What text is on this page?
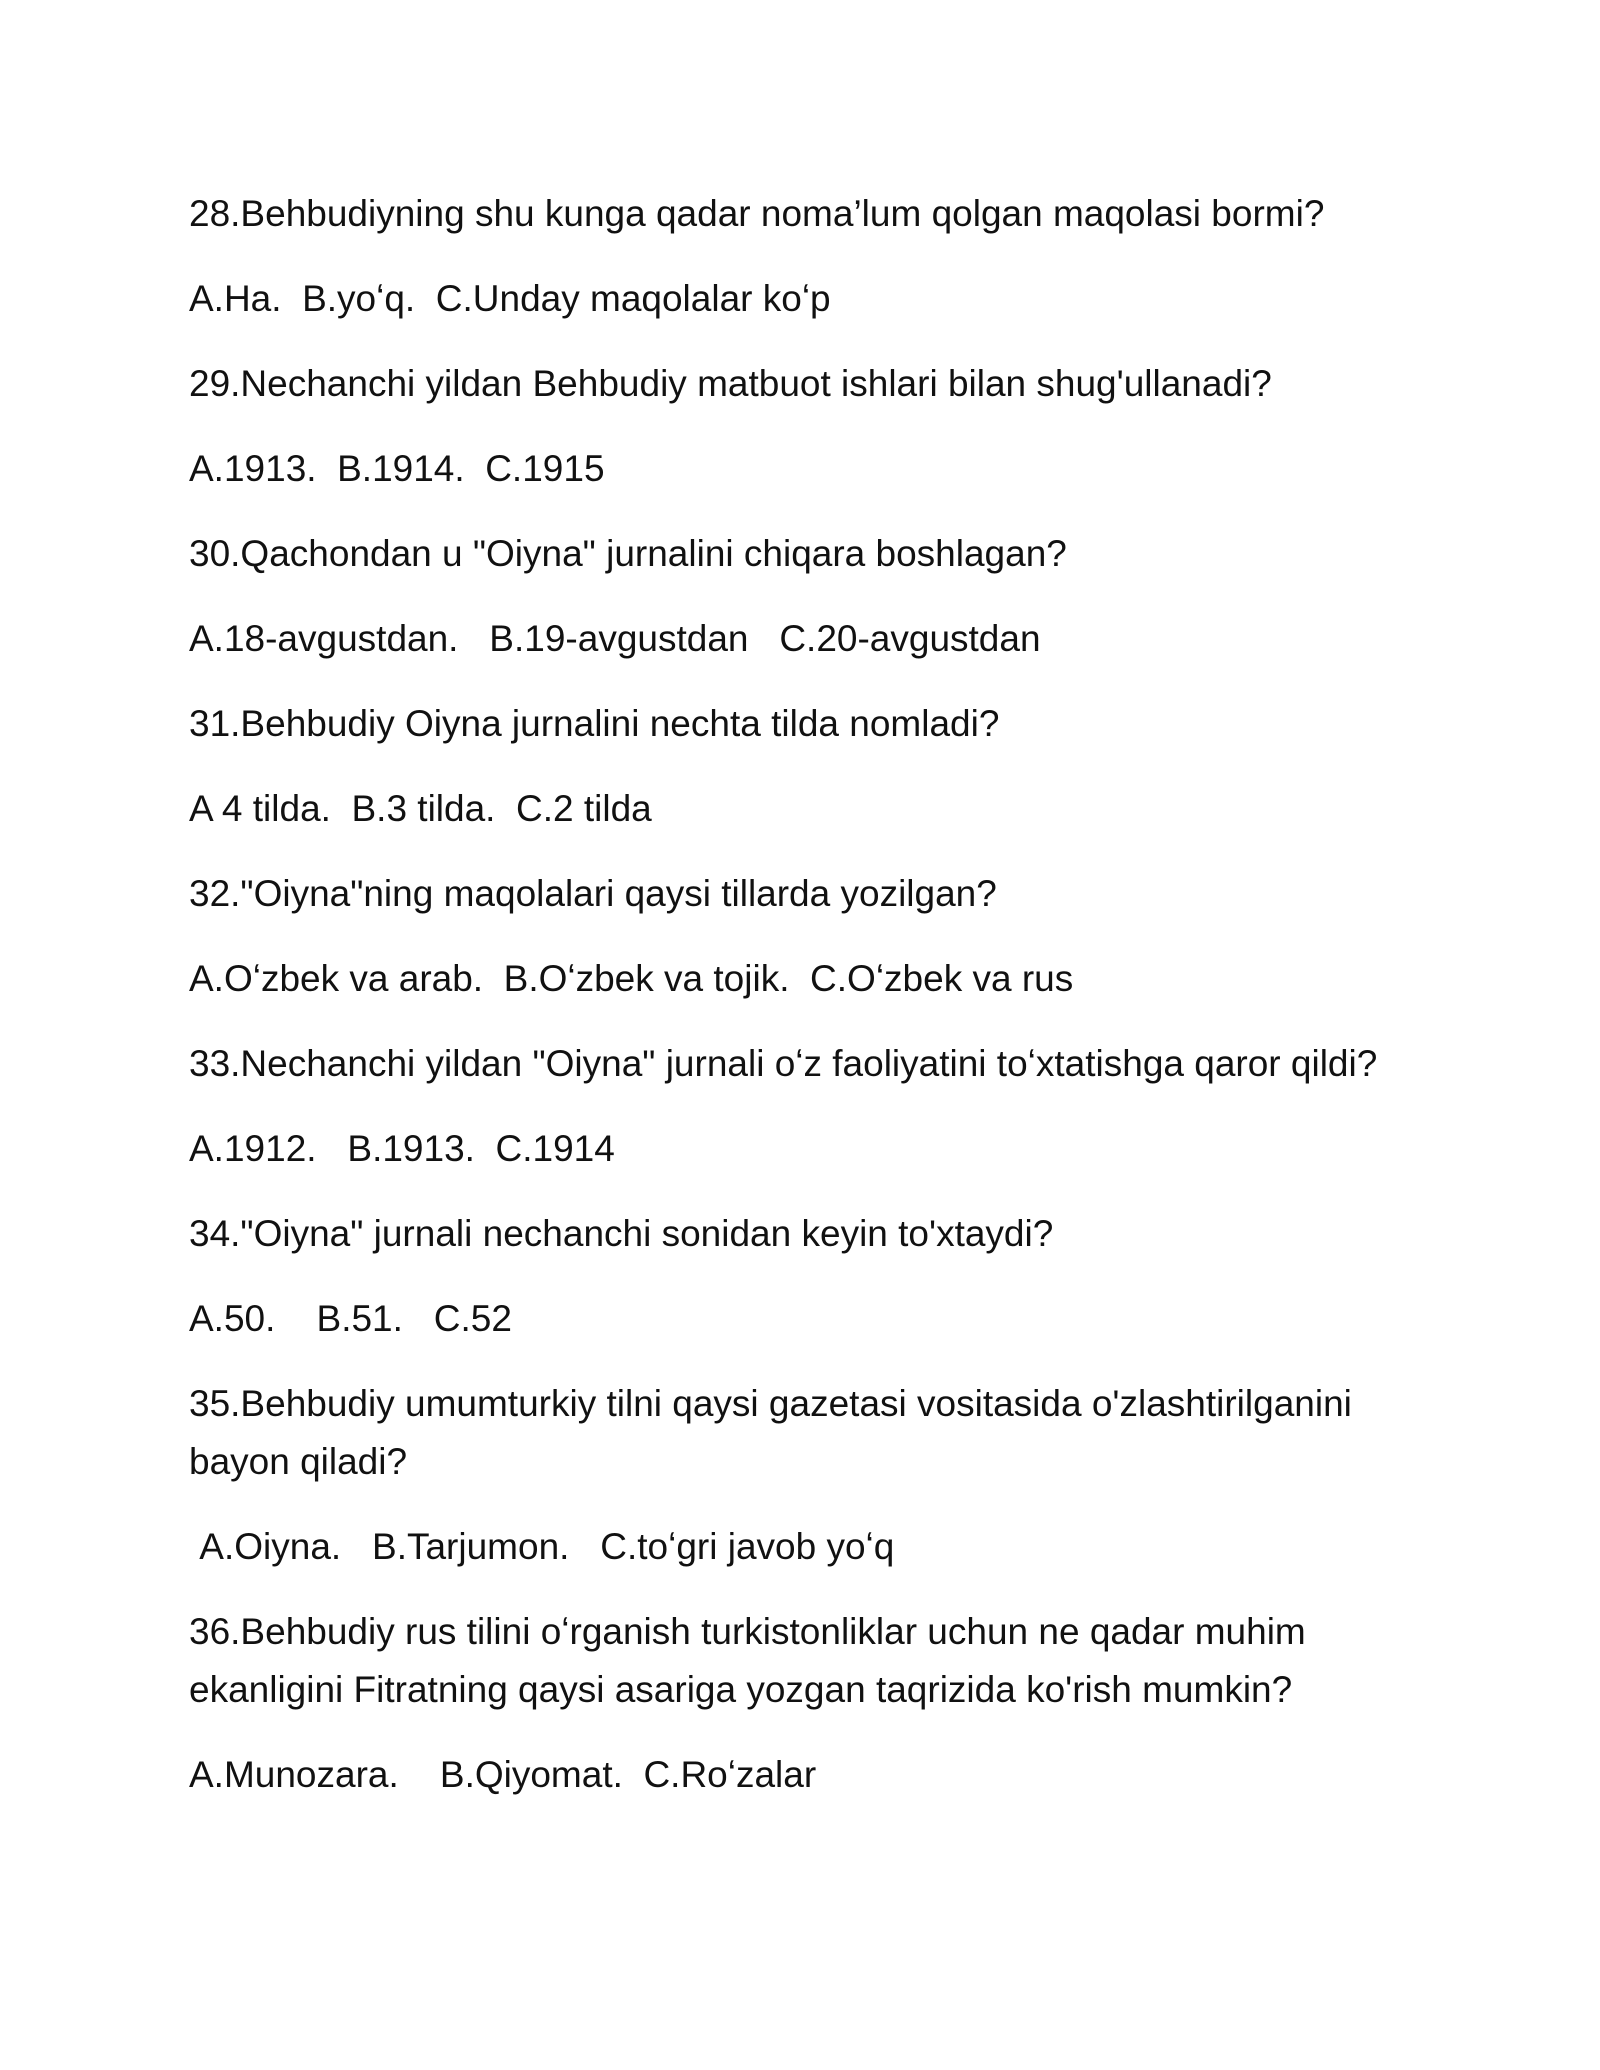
28.Behbudiyning shu kunga qadar noma’lum qolgan maqolasi bormi?

A.Ha.  B.yoʻq.  C.Unday maqolalar koʻp

29.Nechanchi yildan Behbudiy matbuot ishlari bilan shug'ullanadi?

A.1913.  B.1914.  C.1915

30.Qachondan u "Oiyna" jurnalini chiqara boshlagan?

A.18-avgustdan.   B.19-avgustdan   C.20-avgustdan

31.Behbudiy Oiyna jurnalini nechta tilda nomladi?

A 4 tilda.  B.3 tilda.  C.2 tilda

32."Oiyna"ning maqolalari qaysi tillarda yozilgan?

A.Oʻzbek va arab.  B.Oʻzbek va tojik.  C.Oʻzbek va rus

33.Nechanchi yildan "Oiyna" jurnali oʻz faoliyatini toʻxtatishga qaror qildi?

A.1912.   B.1913.  C.1914

34."Oiyna" jurnali nechanchi sonidan keyin to'xtaydi?

A.50.    B.51.   C.52

35.Behbudiy umumturkiy tilni qaysi gazetasi vositasida o'zlashtirilganini bayon qiladi?

A.Oiyna.   B.Tarjumon.   C.toʻgri javob yoʻq

36.Behbudiy rus tilini oʻrganish turkistonliklar uchun ne qadar muhim ekanligini Fitratning qaysi asariga yozgan taqrizida ko'rish mumkin?

A.Munozara.    B.Qiyomat.  C.Roʻzalar
